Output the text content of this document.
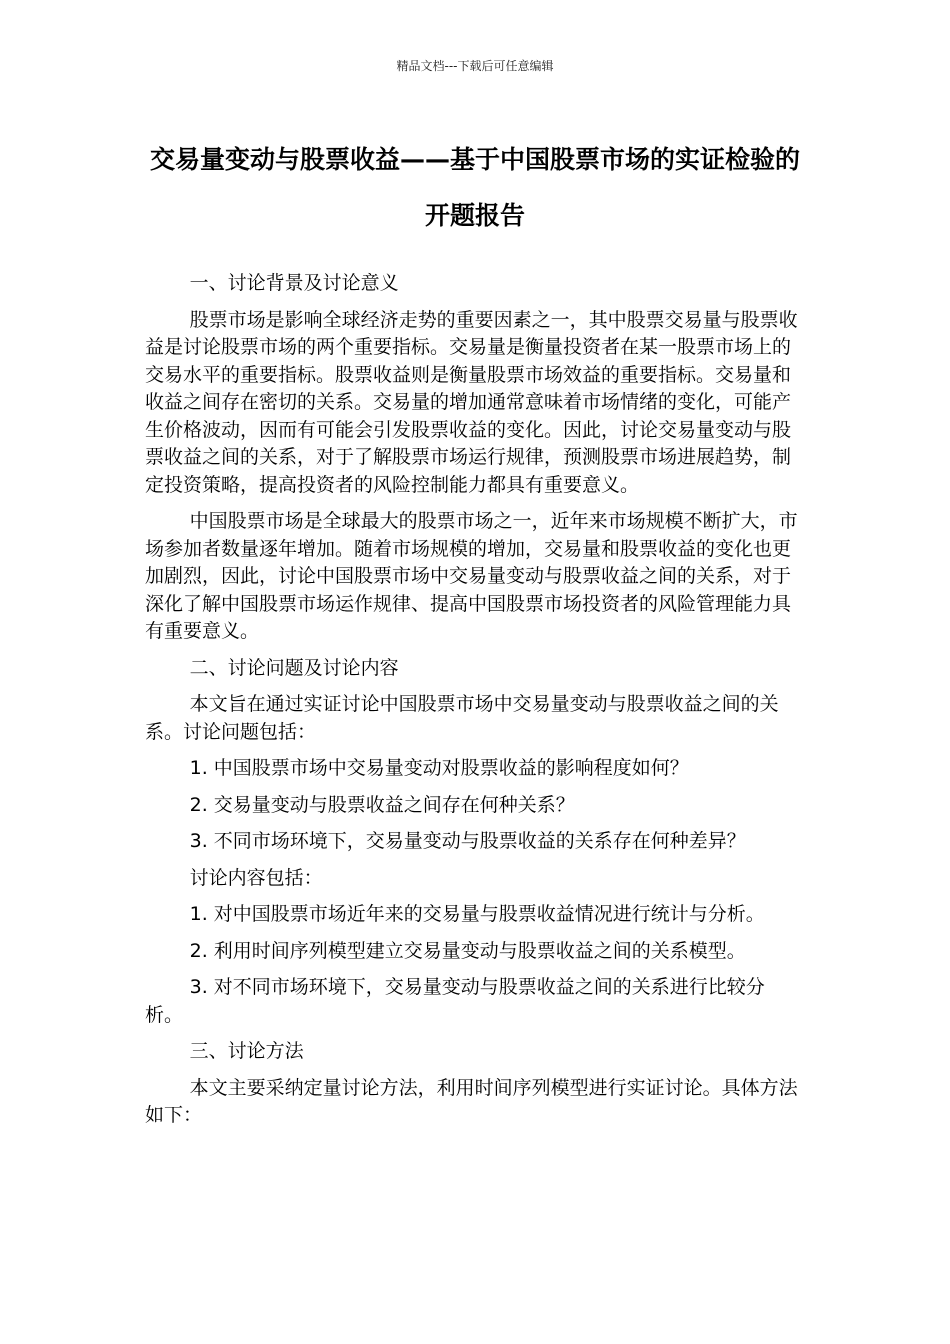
精品文档---下载后可任意编辑
交易量变动与股票收益——基于中国股票市场的实证检验的开题报告

一、讨论背景及讨论意义

股票市场是影响全球经济走势的重要因素之一，其中股票交易量与股票收益是讨论股票市场的两个重要指标。交易量是衡量投资者在某一股票市场上的交易水平的重要指标。股票收益则是衡量股票市场效益的重要指标。交易量和收益之间存在密切的关系。交易量的增加通常意味着市场情绪的变化，可能产生价格波动，因而有可能会引发股票收益的变化。因此，讨论交易量变动与股票收益之间的关系，对于了解股票市场运行规律，预测股票市场进展趋势，制定投资策略，提高投资者的风险控制能力都具有重要意义。

中国股票市场是全球最大的股票市场之一，近年来市场规模不断扩大，市场参加者数量逐年增加。随着市场规模的增加，交易量和股票收益的变化也更加剧烈，因此，讨论中国股票市场中交易量变动与股票收益之间的关系，对于深化了解中国股票市场运作规律、提高中国股票市场投资者的风险管理能力具有重要意义。

二、讨论问题及讨论内容

本文旨在通过实证讨论中国股票市场中交易量变动与股票收益之间的关系。讨论问题包括：

1. 中国股票市场中交易量变动对股票收益的影响程度如何？

2. 交易量变动与股票收益之间存在何种关系？

3. 不同市场环境下，交易量变动与股票收益的关系存在何种差异？

讨论内容包括：

1. 对中国股票市场近年来的交易量与股票收益情况进行统计与分析。

2. 利用时间序列模型建立交易量变动与股票收益之间的关系模型。

3. 对不同市场环境下，交易量变动与股票收益之间的关系进行比较分析。

三、讨论方法

本文主要采纳定量讨论方法，利用时间序列模型进行实证讨论。具体方法如下：
